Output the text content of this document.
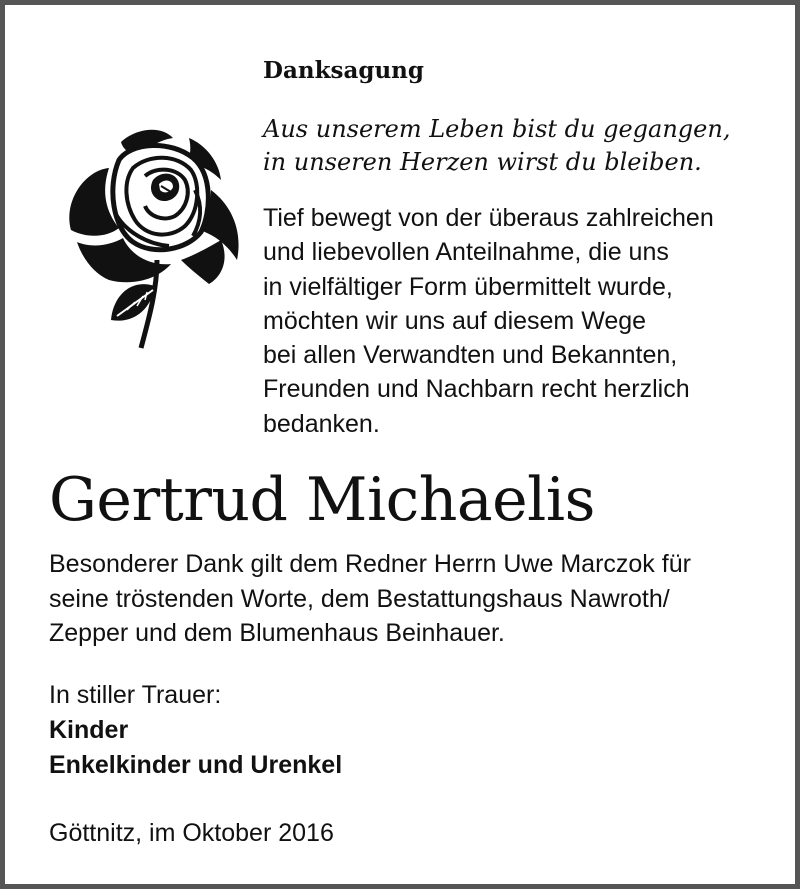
Danksagung
Aus unserem Leben bist du gegangen,
in unseren Herzen wirst du bleiben.
Tief bewegt von der überaus zahlreichen
und liebevollen Anteilnahme, die uns
in vielfältiger Form übermittelt wurde,
möchten wir uns auf diesem Wege
bei allen Verwandten und Bekannten,
Freunden und Nachbarn recht herzlich
bedanken.
Gertrud Michaelis
Besonderer Dank gilt dem Redner Herrn Uwe Marczok für
seine tröstenden Worte, dem Bestattungshaus Nawroth/
Zepper und dem Blumenhaus Beinhauer.
In stiller Trauer:
Kinder
Enkelkinder und Urenkel
Göttnitz, im Oktober 2016
